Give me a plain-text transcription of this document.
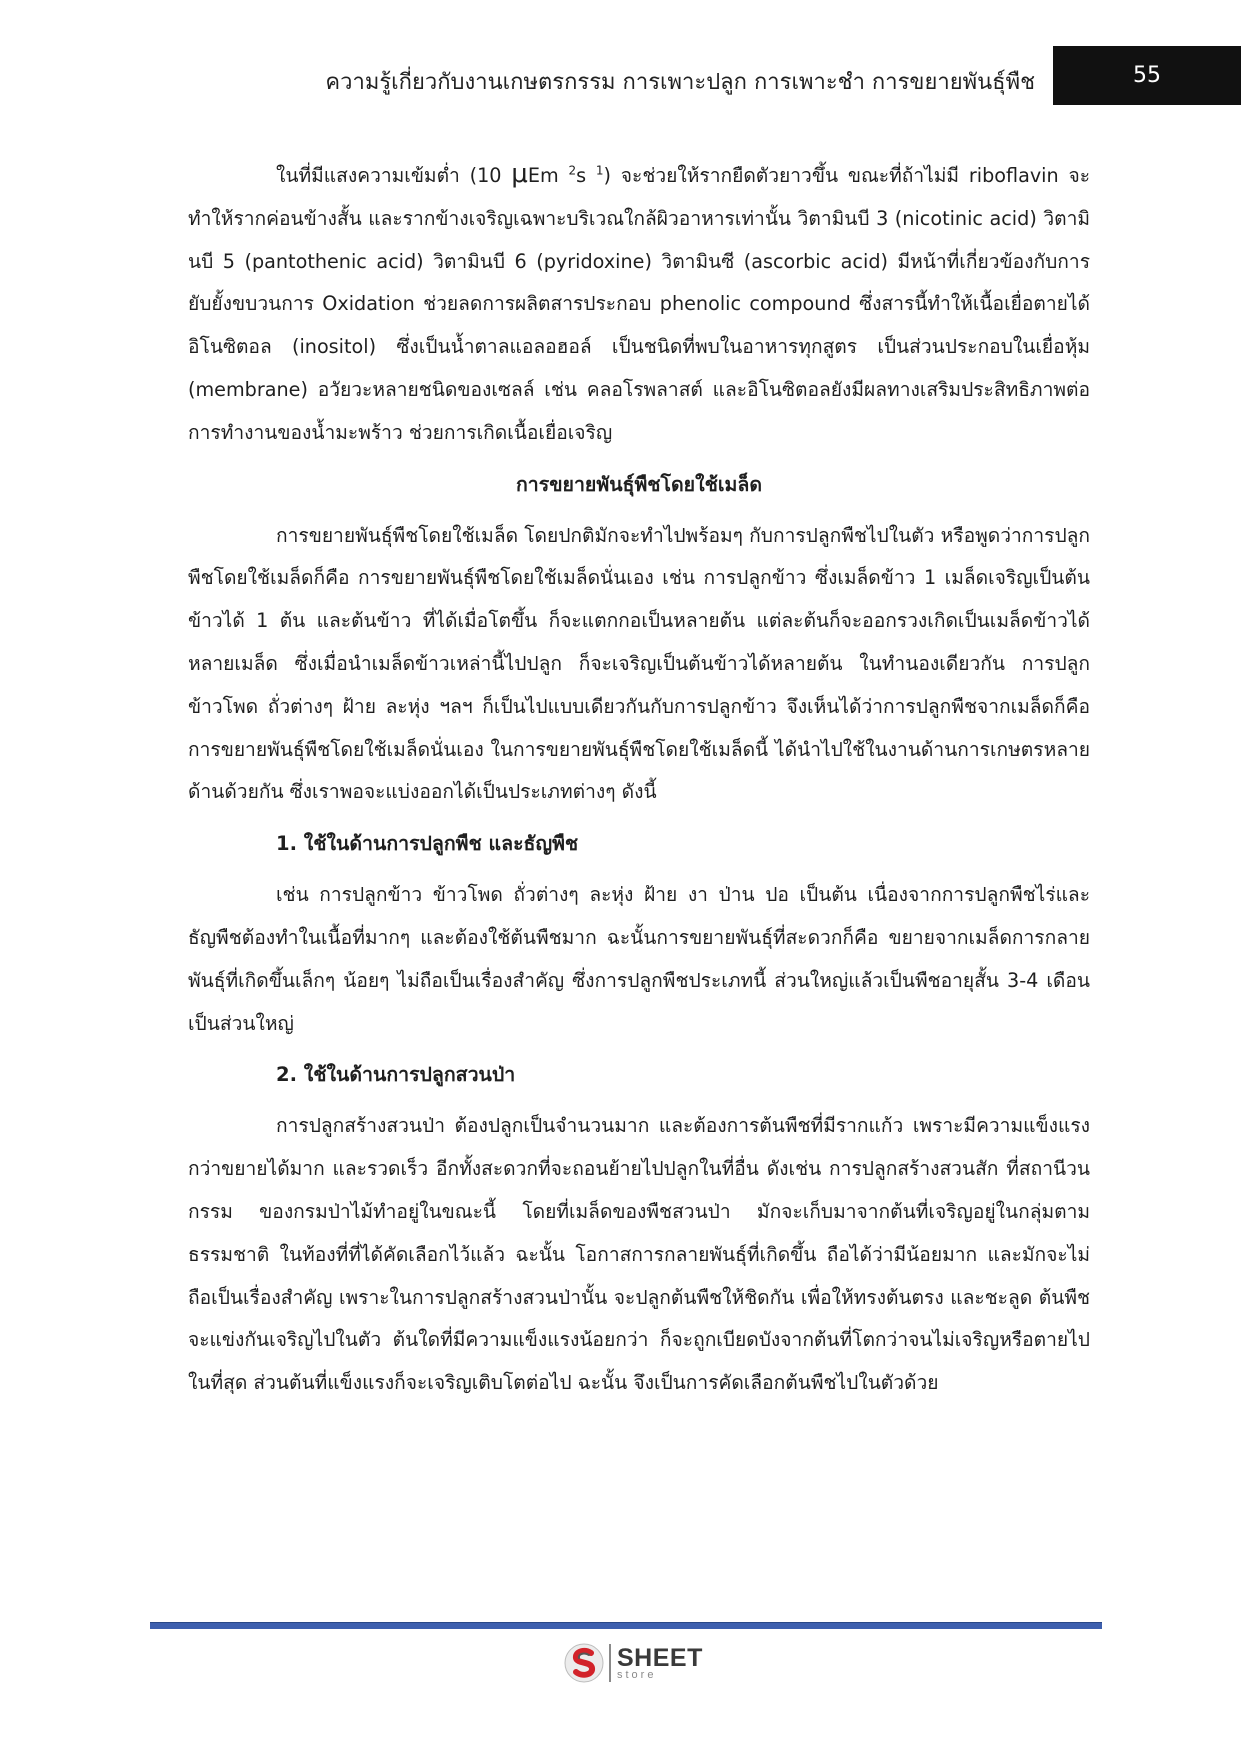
ความรู้เกี่ยวกับงานเกษตรกรรม การเพาะปลูก การเพาะชำ การขยายพันธุ์พืช	55

ในที่มีแสงความเข้มต่ำ (10 μEm $^2$s $^1$) จะช่วยให้รากยืดตัวยาวขึ้น ขณะที่ถ้าไม่มี riboflavin จะทำให้รากค่อนข้างสั้น และรากข้างเจริญเฉพาะบริเวณใกล้ผิวอาหารเท่านั้น วิตามินบี 3 (nicotinic acid) วิตามินบี 5 (pantothenic acid) วิตามินบี 6 (pyridoxine) วิตามินซี (ascorbic acid) มีหน้าที่เกี่ยวข้องกับการยับยั้งขบวนการ Oxidation ช่วยลดการผลิตสารประกอบ phenolic compound ซึ่งสารนี้ทำให้เนื้อเยื่อตายได้ อิโนซิตอล (inositol) ซึ่งเป็นน้ำตาลแอลอฮอล์ เป็นชนิดที่พบในอาหารทุกสูตร เป็นส่วนประกอบในเยื่อหุ้ม (membrane) อวัยวะหลายชนิดของเซลล์ เช่น คลอโรพลาสต์ และอิโนซิตอลยังมีผลทางเสริมประสิทธิภาพต่อการทำงานของน้ำมะพร้าว ช่วยการเกิดเนื้อเยื่อเจริญ

การขยายพันธุ์พืชโดยใช้เมล็ด

การขยายพันธุ์พืชโดยใช้เมล็ด โดยปกติมักจะทำไปพร้อมๆ กับการปลูกพืชไปในตัว หรือพูดว่าการปลูกพืชโดยใช้เมล็ดก็คือ การขยายพันธุ์พืชโดยใช้เมล็ดนั่นเอง เช่น การปลูกข้าว ซึ่งเมล็ดข้าว 1 เมล็ดเจริญเป็นต้นข้าวได้ 1 ต้น และต้นข้าว ที่ได้เมื่อโตขึ้น ก็จะแตกกอเป็นหลายต้น แต่ละต้นก็จะออกรวงเกิดเป็นเมล็ดข้าวได้หลายเมล็ด ซึ่งเมื่อนำเมล็ดข้าวเหล่านี้ไปปลูก ก็จะเจริญเป็นต้นข้าวได้หลายต้น ในทำนองเดียวกัน การปลูกข้าวโพด ถั่วต่างๆ ฝ้าย ละหุ่ง ฯลฯ ก็เป็นไปแบบเดียวกันกับการปลูกข้าว จึงเห็นได้ว่าการปลูกพืชจากเมล็ดก็คือ การขยายพันธุ์พืชโดยใช้เมล็ดนั่นเอง ในการขยายพันธุ์พืชโดยใช้เมล็ดนี้ ได้นำไปใช้ในงานด้านการเกษตรหลายด้านด้วยกัน ซึ่งเราพอจะแบ่งออกได้เป็นประเภทต่างๆ ดังนี้

1. ใช้ในด้านการปลูกพืช และธัญพืช

เช่น การปลูกข้าว ข้าวโพด ถั่วต่างๆ ละหุ่ง ฝ้าย งา ป่าน ปอ เป็นต้น เนื่องจากการปลูกพืชไร่และธัญพืชต้องทำในเนื้อที่มากๆ และต้องใช้ต้นพืชมาก ฉะนั้นการขยายพันธุ์ที่สะดวกก็คือ ขยายจากเมล็ดการกลายพันธุ์ที่เกิดขึ้นเล็กๆ น้อยๆ ไม่ถือเป็นเรื่องสำคัญ ซึ่งการปลูกพืชประเภทนี้ ส่วนใหญ่แล้วเป็นพืชอายุสั้น 3-4 เดือนเป็นส่วนใหญ่

2. ใช้ในด้านการปลูกสวนป่า

การปลูกสร้างสวนป่า ต้องปลูกเป็นจำนวนมาก และต้องการต้นพืชที่มีรากแก้ว เพราะมีความแข็งแรงกว่าขยายได้มาก และรวดเร็ว อีกทั้งสะดวกที่จะถอนย้ายไปปลูกในที่อื่น ดังเช่น การปลูกสร้างสวนสัก ที่สถานีวนกรรม ของกรมป่าไม้ทำอยู่ในขณะนี้ โดยที่เมล็ดของพืชสวนป่า มักจะเก็บมาจากต้นที่เจริญอยู่ในกลุ่มตามธรรมชาติ ในท้องที่ที่ได้คัดเลือกไว้แล้ว ฉะนั้น โอกาสการกลายพันธุ์ที่เกิดขึ้น ถือได้ว่ามีน้อยมาก และมักจะไม่ถือเป็นเรื่องสำคัญ เพราะในการปลูกสร้างสวนป่านั้น จะปลูกต้นพืชให้ชิดกัน เพื่อให้ทรงต้นตรง และชะลูด ต้นพืชจะแข่งกันเจริญไปในตัว ต้นใดที่มีความแข็งแรงน้อยกว่า ก็จะถูกเบียดบังจากต้นที่โตกว่าจนไม่เจริญหรือตายไปในที่สุด ส่วนต้นที่แข็งแรงก็จะเจริญเติบโตต่อไป ฉะนั้น จึงเป็นการคัดเลือกต้นพืชไปในตัวด้วย

SHEET
store
